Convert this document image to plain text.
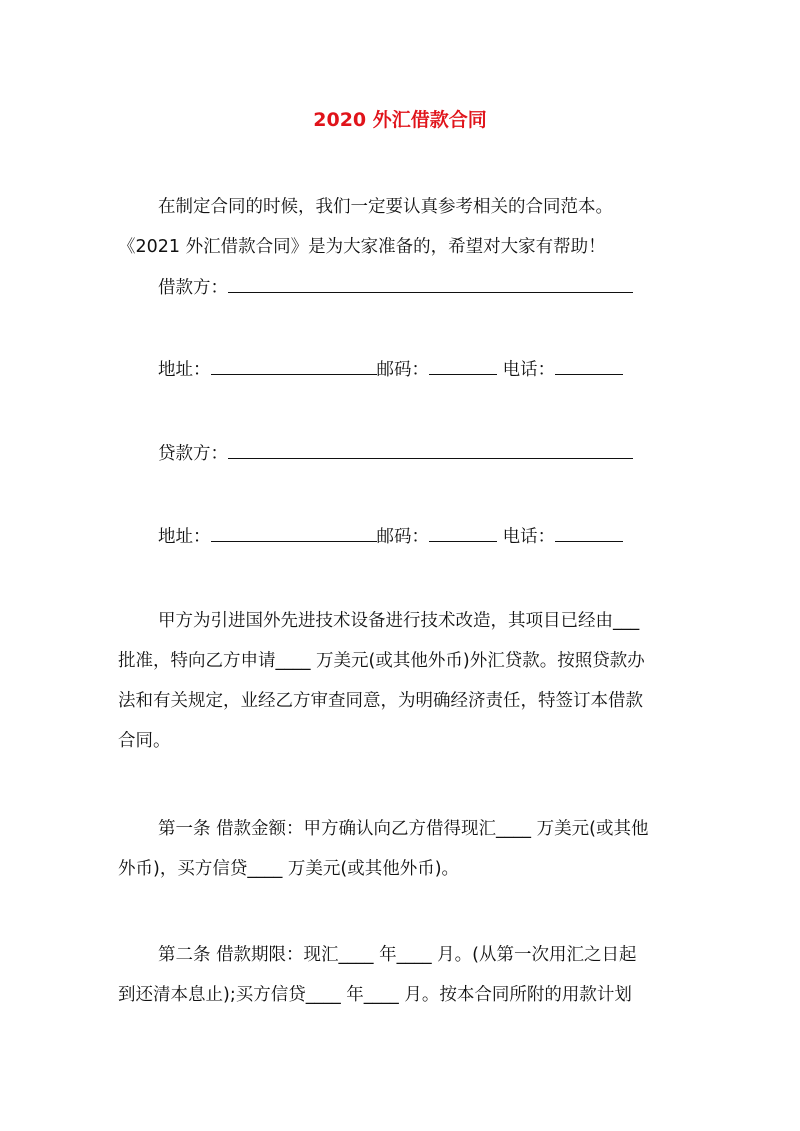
2020 外汇借款合同
在制定合同的时候，我们一定要认真参考相关的合同范本。
《2021 外汇借款合同》是为大家准备的，希望对大家有帮助！
借款方：
地址：	邮码：	电话：
贷款方：
地址：	邮码：	电话：
甲方为引进国外先进技术设备进行技术改造，其项目已经由___
批准，特向乙方申请____ 万美元(或其他外币)外汇贷款。按照贷款办
法和有关规定，业经乙方审查同意，为明确经济责任，特签订本借款
合同。
第一条 借款金额：甲方确认向乙方借得现汇____ 万美元(或其他
外币)，买方信贷____ 万美元(或其他外币)。
第二条 借款期限：现汇____ 年____ 月。(从第一次用汇之日起
到还清本息止);买方信贷____ 年____ 月。按本合同所附的用款计划
